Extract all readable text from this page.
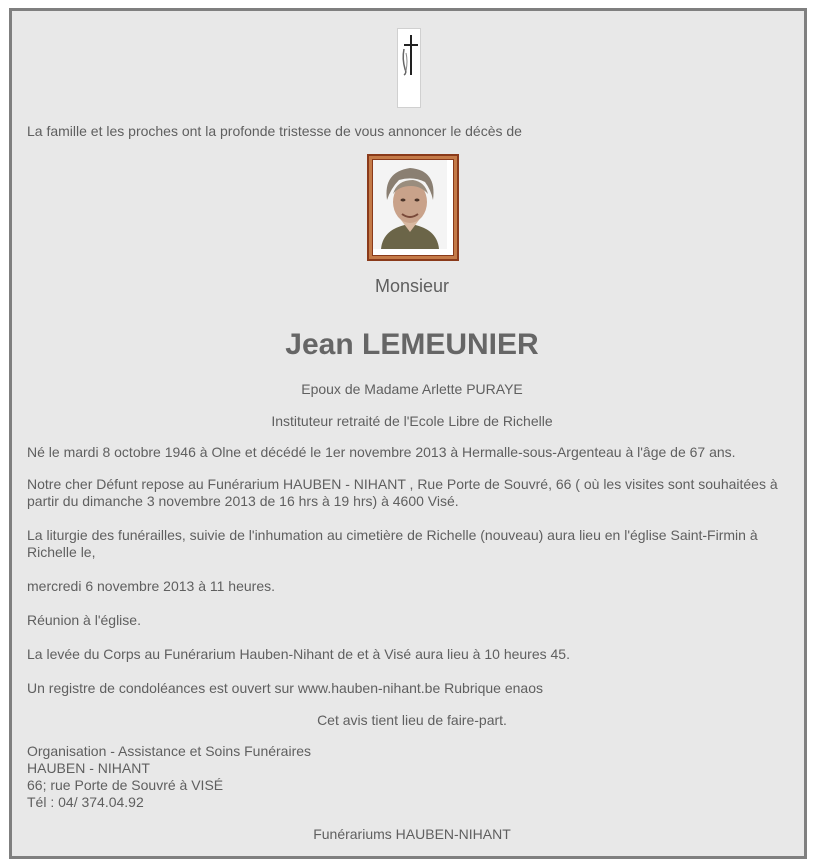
La famille et les proches ont la profonde tristesse de vous annoncer le décès de

Monsieur
Jean LEMEUNIER

Epoux de Madame Arlette PURAYE

Instituteur retraité de l'Ecole Libre de Richelle

Né le mardi 8 octobre 1946 à Olne et décédé le 1er novembre 2013 à Hermalle-sous-Argenteau à l'âge de 67 ans.

Notre cher Défunt repose au Funérarium HAUBEN - NIHANT , Rue Porte de Souvré, 66 ( où les visites sont souhaitées à partir du dimanche 3 novembre 2013 de 16 hrs à 19 hrs) à 4600 Visé.

La liturgie des funérailles, suivie de l'inhumation au cimetière de Richelle (nouveau) aura lieu en l'église Saint-Firmin à Richelle le,

mercredi 6 novembre 2013 à 11 heures.

Réunion à l'église.

La levée du Corps au Funérarium Hauben-Nihant de et à Visé aura lieu à 10 heures 45.

Un registre de condoléances est ouvert sur www.hauben-nihant.be Rubrique enaos

Cet avis tient lieu de faire-part.

Organisation - Assistance et Soins Funéraires

HAUBEN - NIHANT

66; rue Porte de Souvré à VISÉ

Tél : 04/ 374.04.92

Funérariums HAUBEN-NIHANT
